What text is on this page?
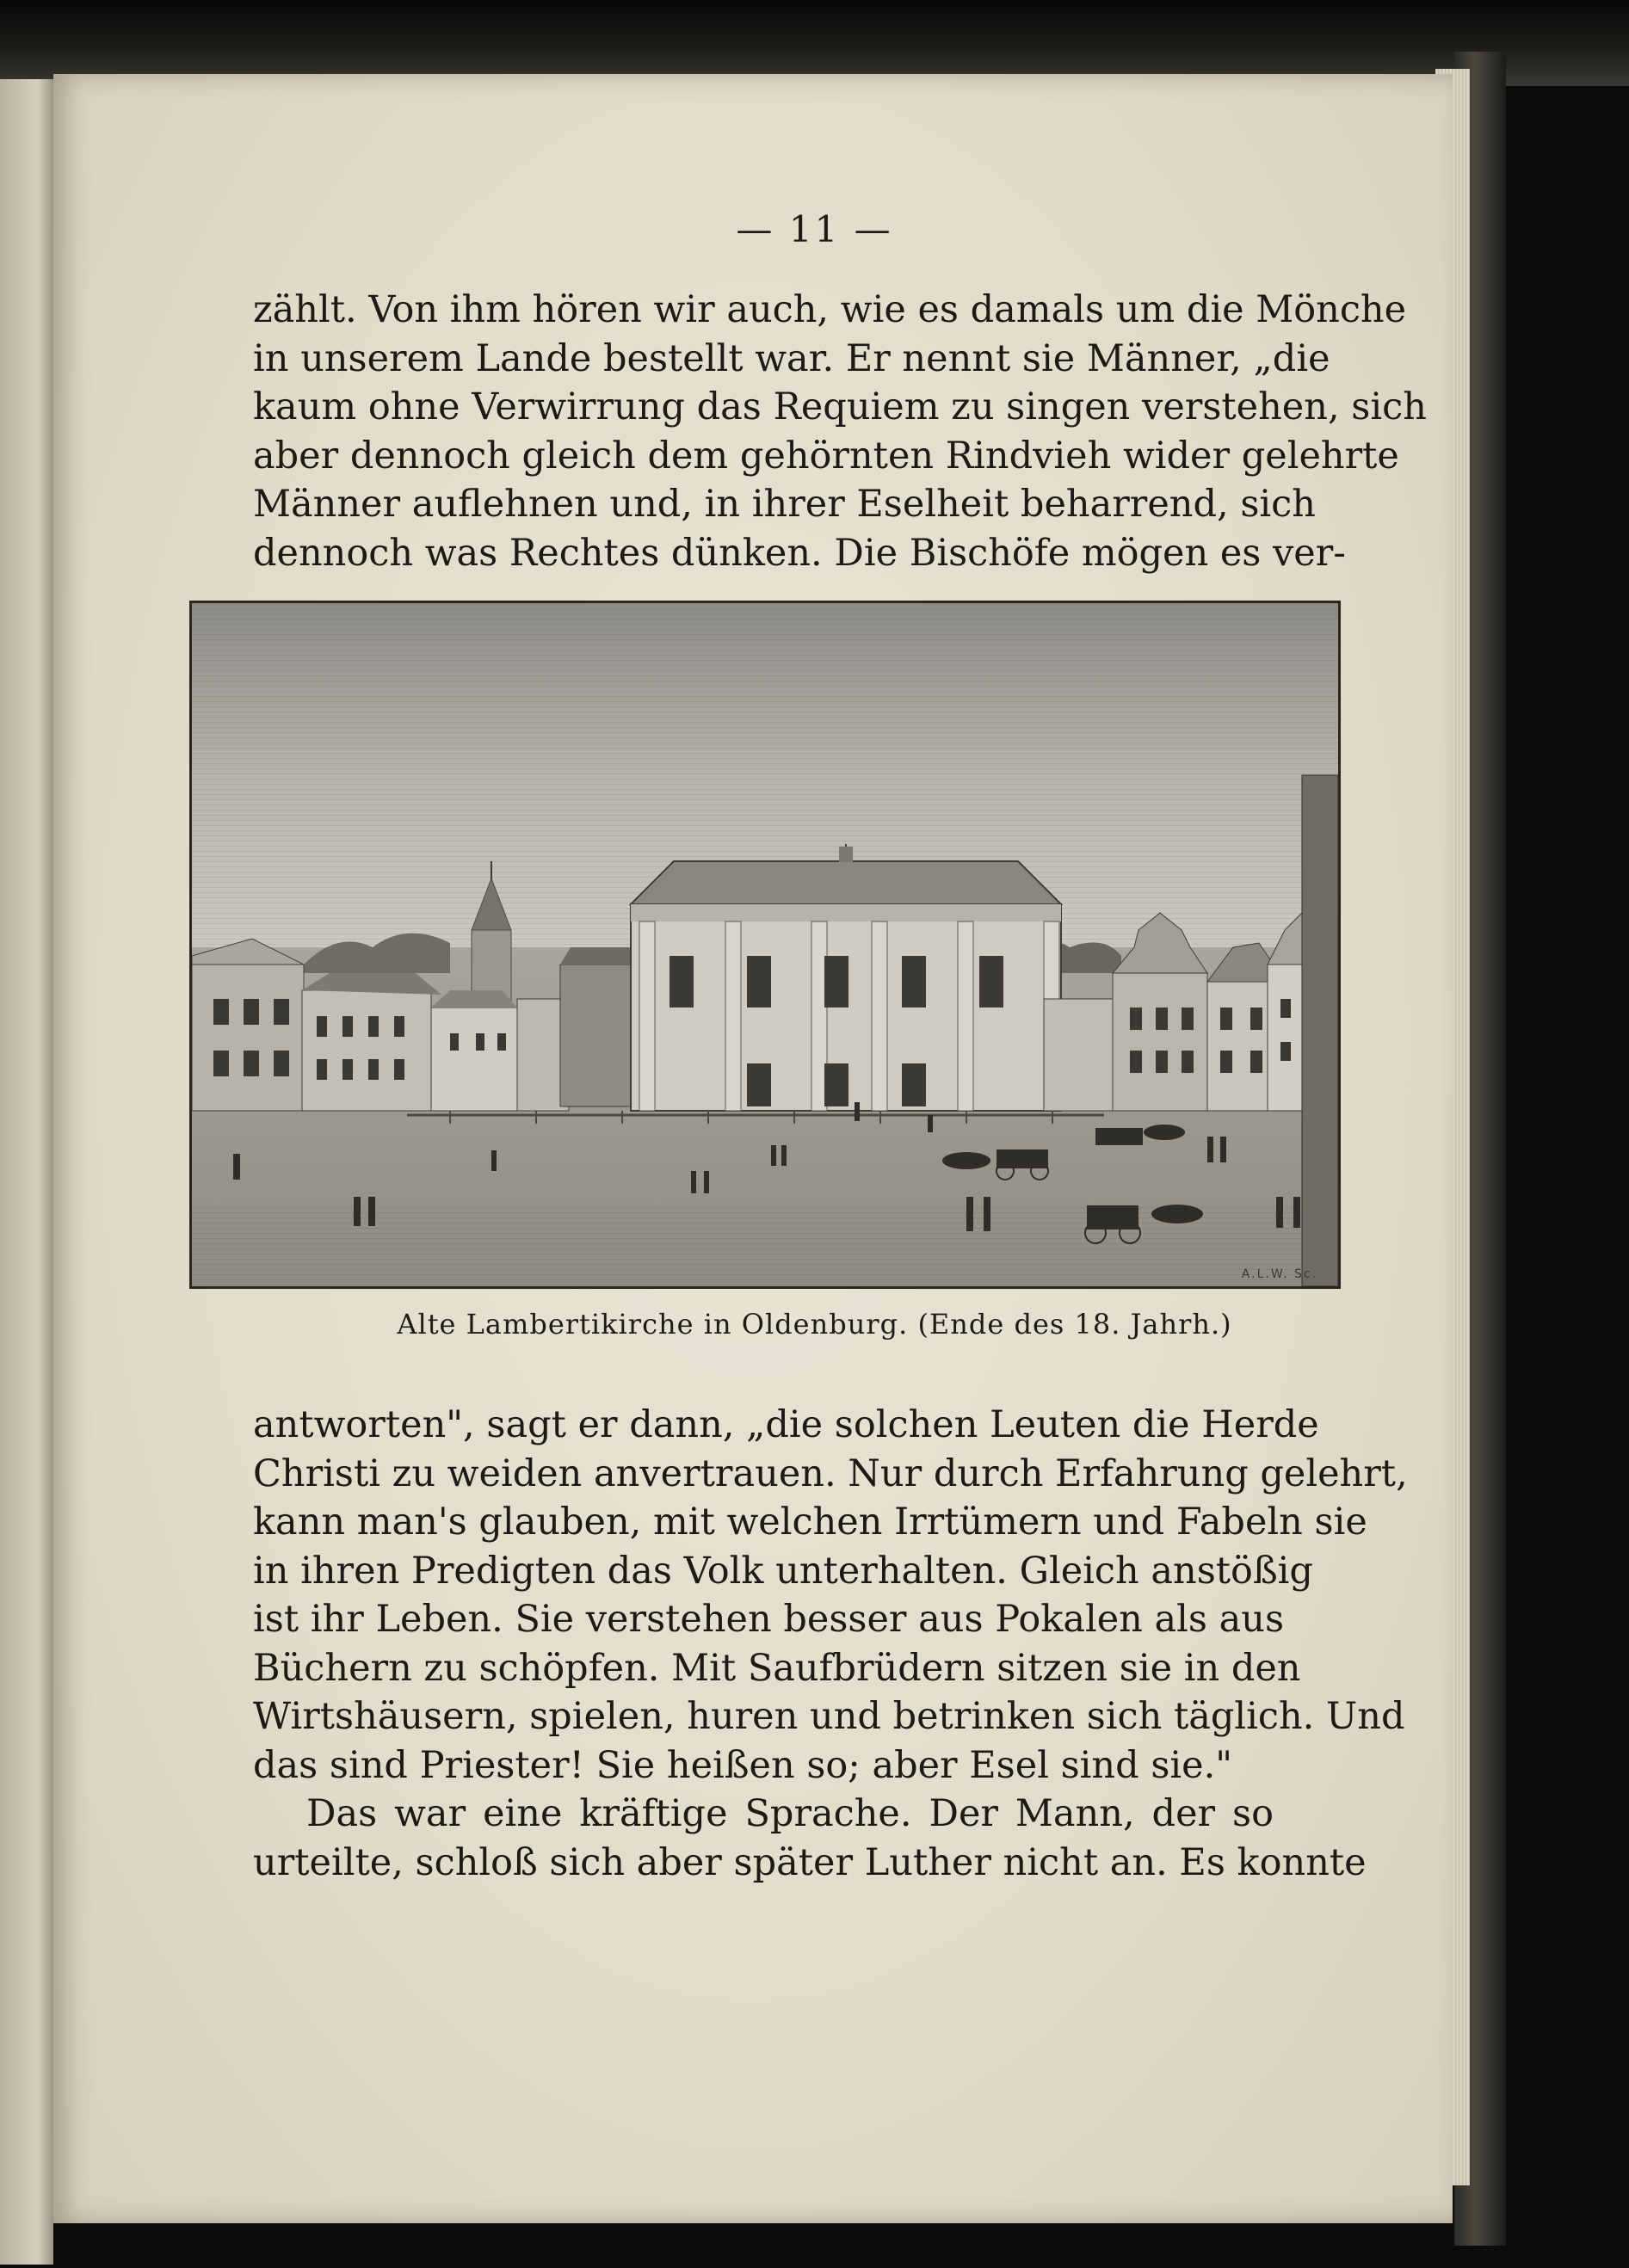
— 11 —
zählt. Von ihm hören wir auch, wie es damals um die Mönche
in unserem Lande bestellt war. Er nennt sie Männer, „die
kaum ohne Verwirrung das Requiem zu singen verstehen, sich
aber dennoch gleich dem gehörnten Rindvieh wider gelehrte
Männer auflehnen und, in ihrer Eselheit beharrend, sich
dennoch was Rechtes dünken. Die Bischöfe mögen es ver-
A.L.W. Sc.
Alte Lambertikirche in Oldenburg. (Ende des 18. Jahrh.)
antworten", sagt er dann, „die solchen Leuten die Herde
Christi zu weiden anvertrauen. Nur durch Erfahrung gelehrt,
kann man's glauben, mit welchen Irrtümern und Fabeln sie
in ihren Predigten das Volk unterhalten. Gleich anstößig
ist ihr Leben. Sie verstehen besser aus Pokalen als aus
Büchern zu schöpfen. Mit Saufbrüdern sitzen sie in den
Wirtshäusern, spielen, huren und betrinken sich täglich. Und
das sind Priester! Sie heißen so; aber Esel sind sie."
Das war eine kräftige Sprache. Der Mann, der so
urteilte, schloß sich aber später Luther nicht an. Es konnte
